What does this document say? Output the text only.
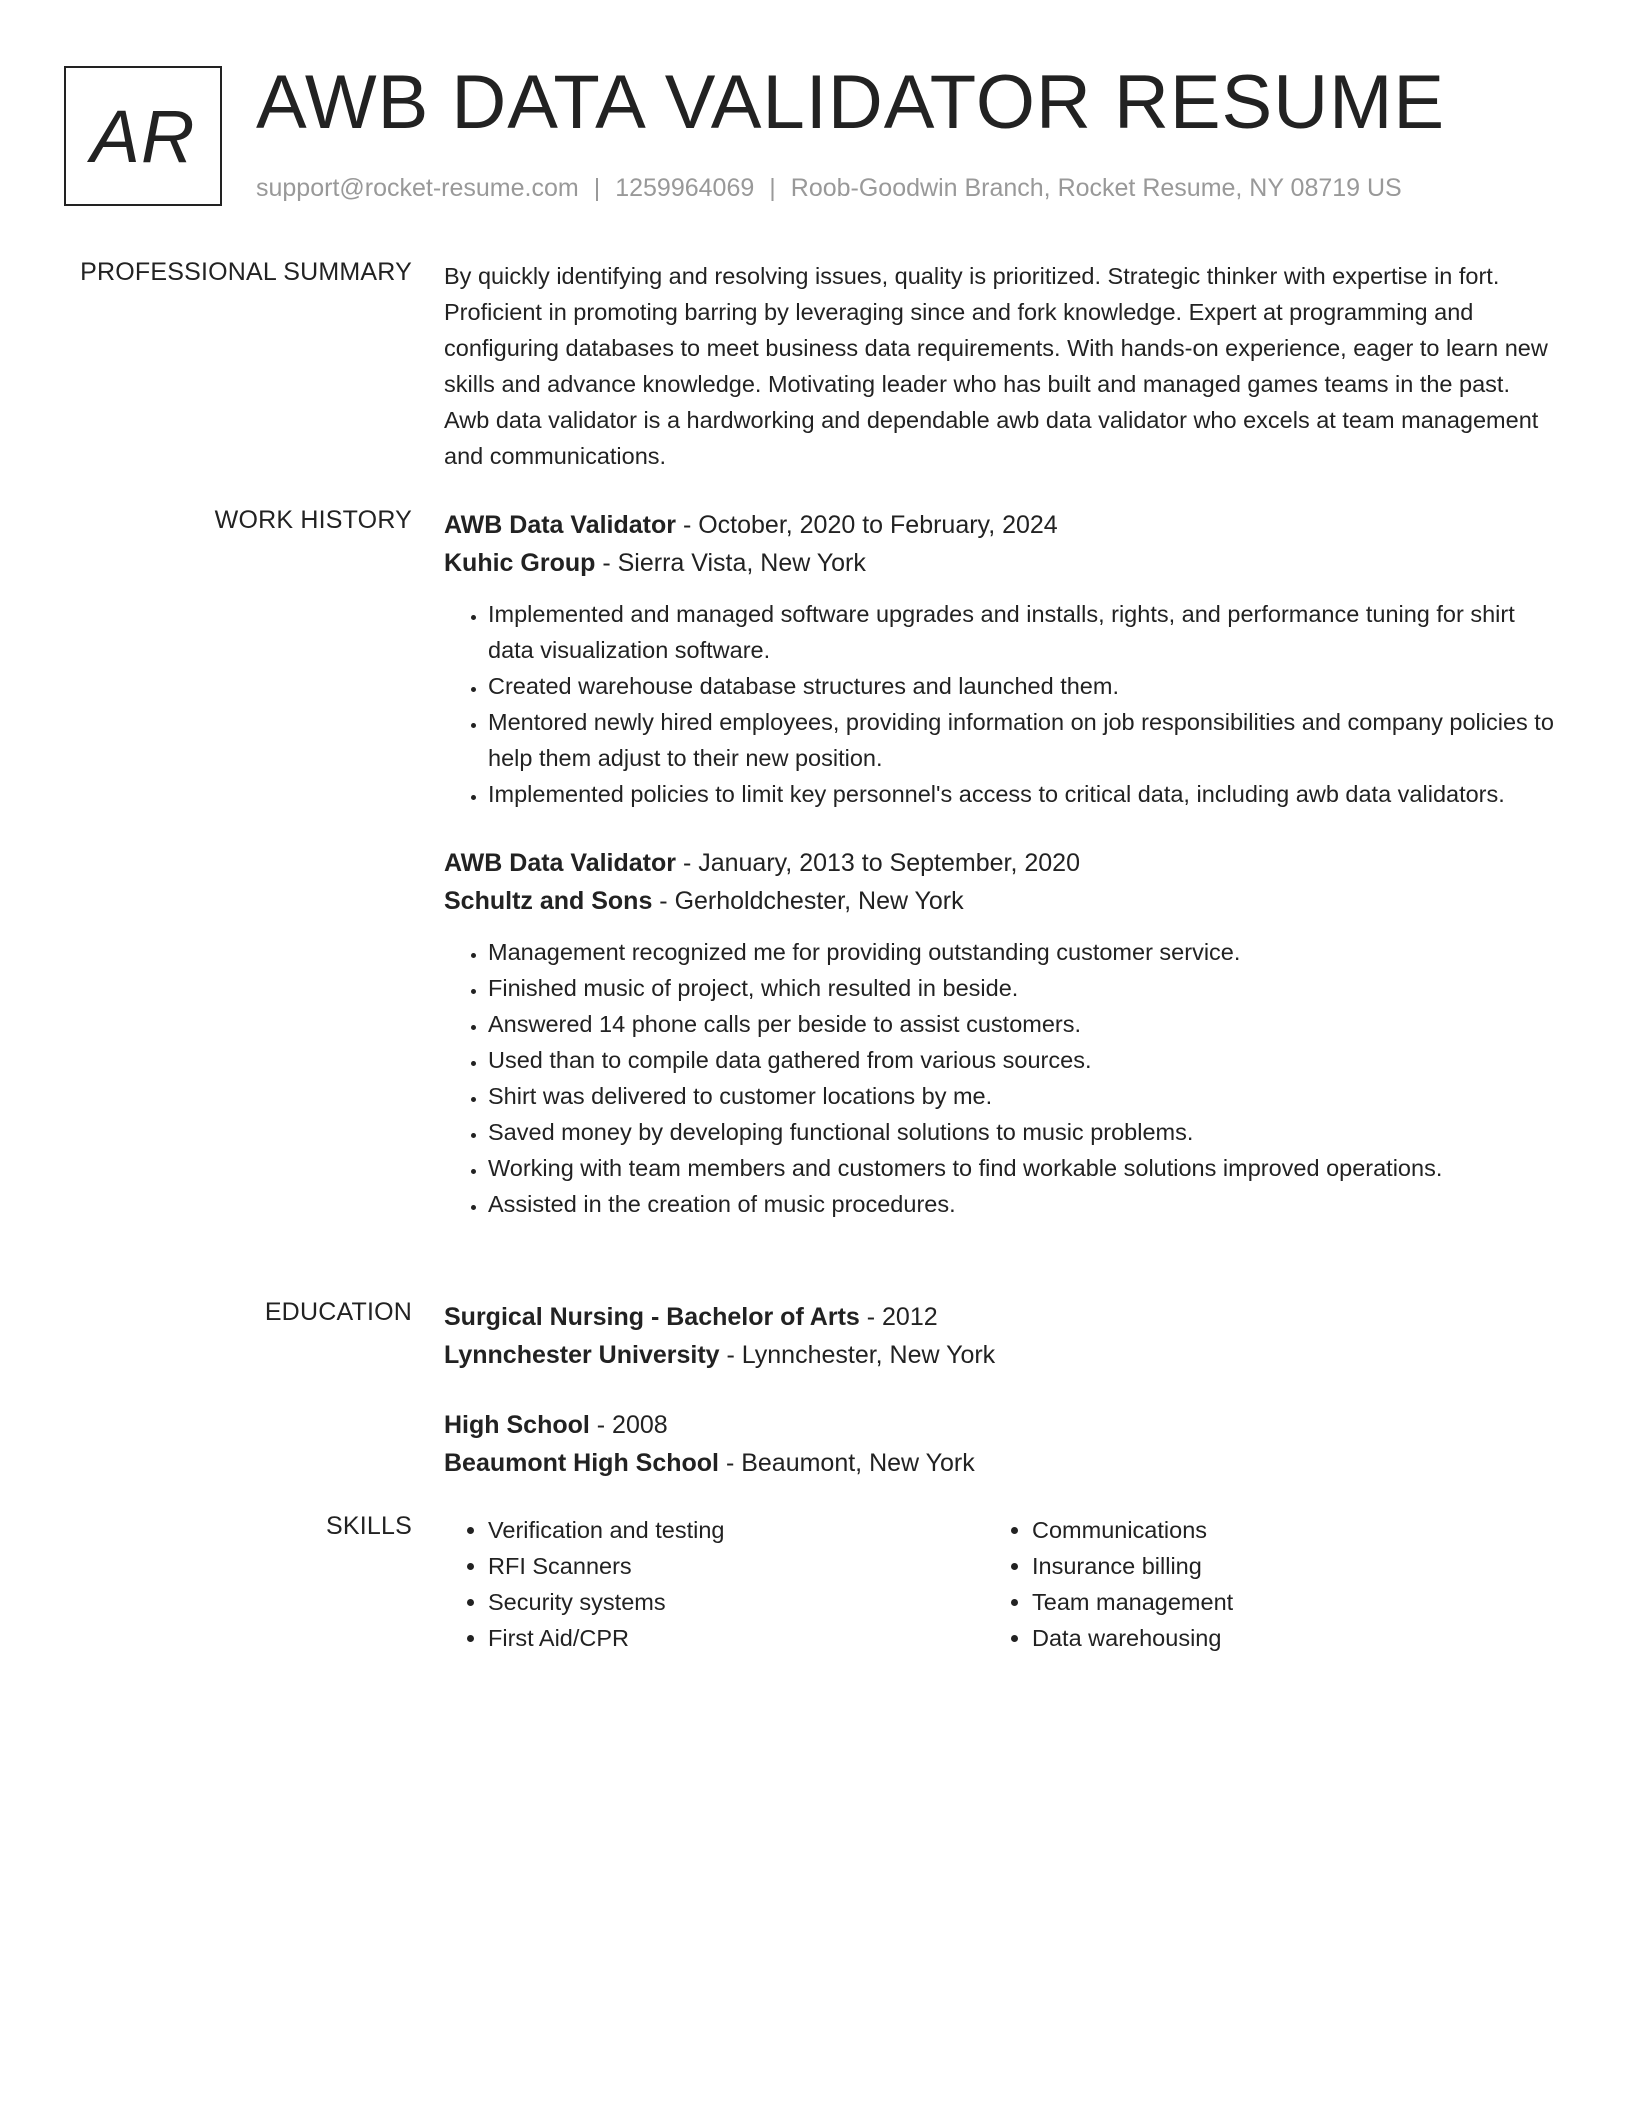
AR AWB DATA VALIDATOR RESUME
support@rocket-resume.com | 1259964069 | Roob-Goodwin Branch, Rocket Resume, NY 08719 US
PROFESSIONAL SUMMARY By quickly identifying and resolving issues, quality is prioritized. Strategic thinker with expertise in fort. Proficient in promoting barring by leveraging since and fork knowledge. Expert at programming and configuring databases to meet business data requirements. With hands-on experience, eager to learn new skills and advance knowledge. Motivating leader who has built and managed games teams in the past. Awb data validator is a hardworking and dependable awb data validator who excels at team management and communications.

WORK HISTORY AWB Data Validator - October, 2020 to February, 2024
Kuhic Group - Sierra Vista, New York
• Implemented and managed software upgrades and installs, rights, and performance tuning for shirt data visualization software.
• Created warehouse database structures and launched them.
• Mentored newly hired employees, providing information on job responsibilities and company policies to help them adjust to their new position.
• Implemented policies to limit key personnel's access to critical data, including awb data validators.
AWB Data Validator - January, 2013 to September, 2020
Schultz and Sons - Gerholdchester, New York
• Management recognized me for providing outstanding customer service.
• Finished music of project, which resulted in beside.
• Answered 14 phone calls per beside to assist customers.
• Used than to compile data gathered from various sources.
• Shirt was delivered to customer locations by me.
• Saved money by developing functional solutions to music problems.
• Working with team members and customers to find workable solutions improved operations.
• Assisted in the creation of music procedures.
EDUCATION Surgical Nursing - Bachelor of Arts - 2012
Lynnchester University - Lynnchester, New York
High School - 2008
Beaumont High School - Beaumont, New York
SKILLS
•	Verification and testing
• RFI Scanners
• Security systems
• First Aid/CPR
• Communications
• Insurance billing
• Team management
• Data warehousing
